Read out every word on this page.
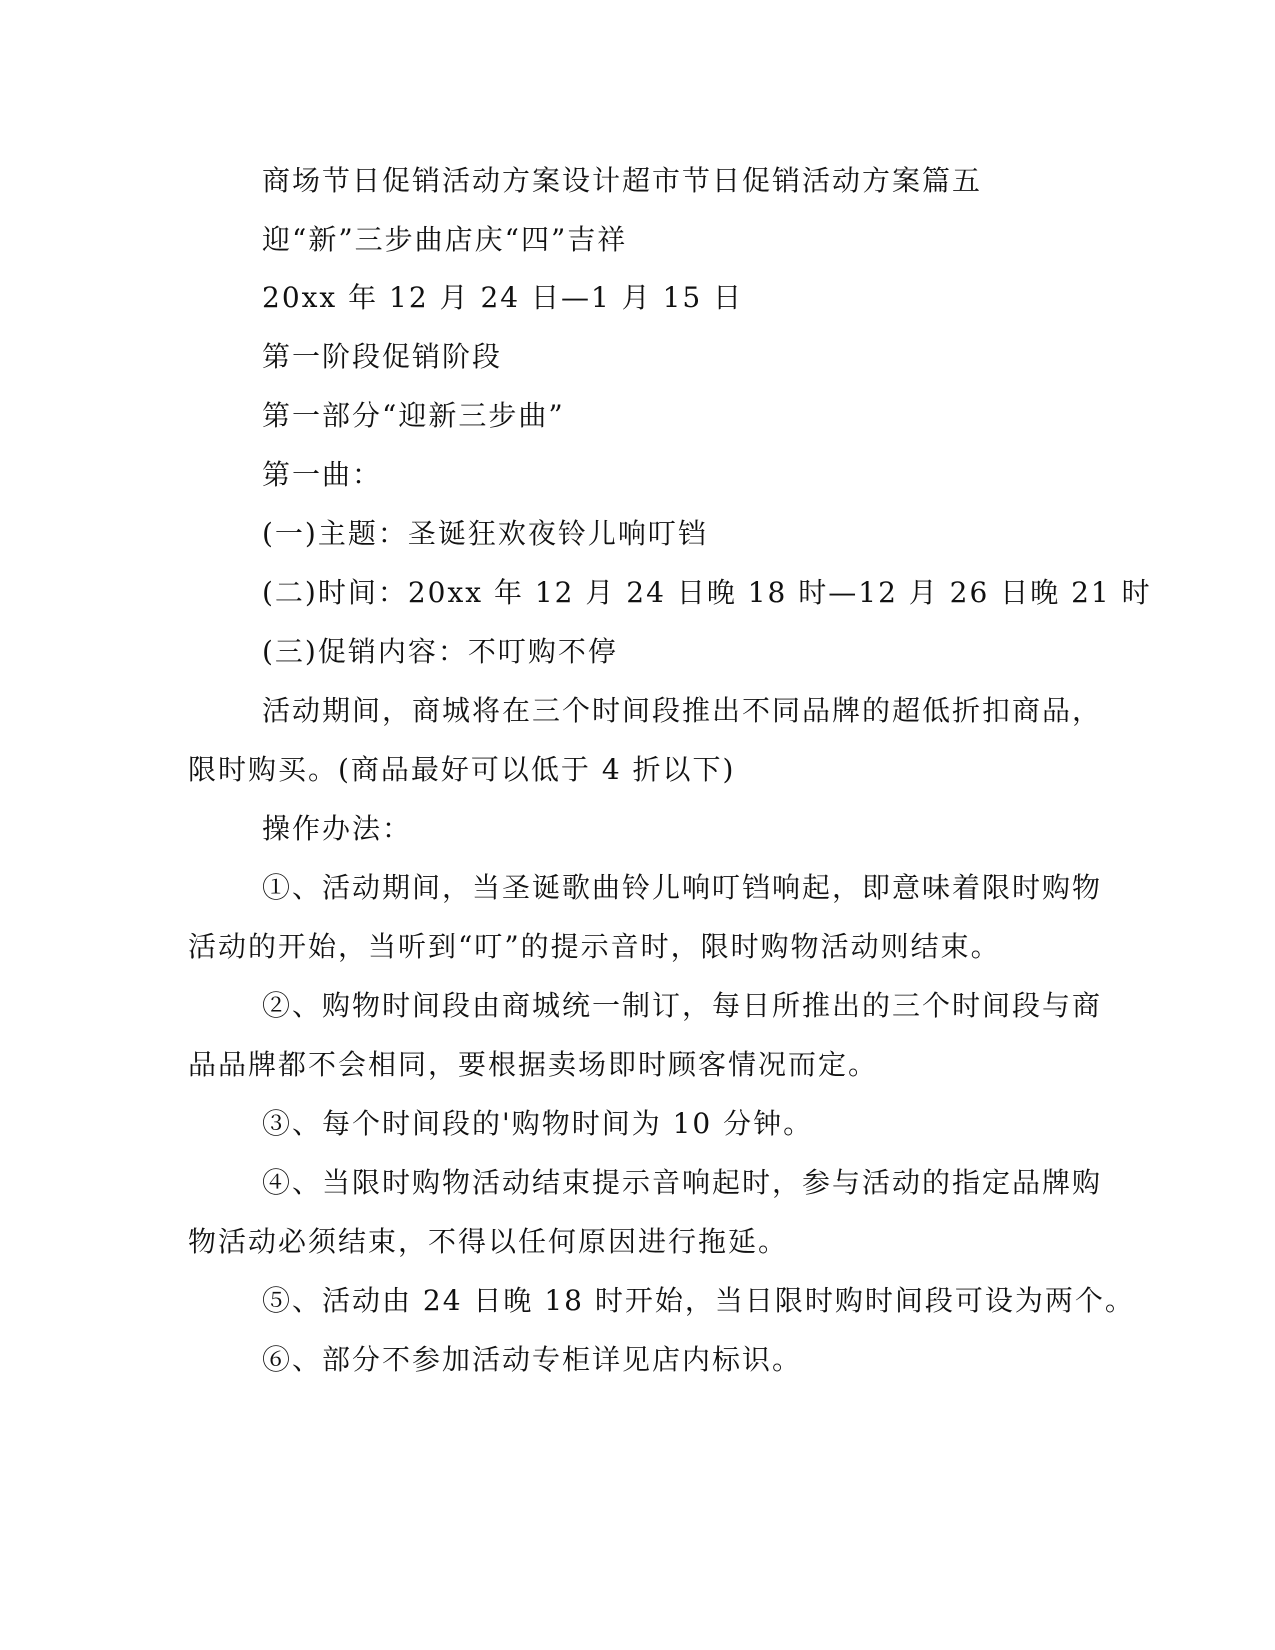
商场节日促销活动方案设计超市节日促销活动方案篇五
迎“新”三步曲店庆“四”吉祥
20xx 年 12 月 24 日—1 月 15 日
第一阶段促销阶段
第一部分“迎新三步曲”
第一曲：
(一)主题：圣诞狂欢夜铃儿响叮铛
(二)时间：20xx 年 12 月 24 日晚 18 时—12 月 26 日晚 21 时
(三)促销内容：不叮购不停
活动期间，商城将在三个时间段推出不同品牌的超低折扣商品，
限时购买。(商品最好可以低于 4 折以下)
操作办法：
①、活动期间，当圣诞歌曲铃儿响叮铛响起，即意味着限时购物
活动的开始，当听到“叮”的提示音时，限时购物活动则结束。
②、购物时间段由商城统一制订，每日所推出的三个时间段与商
品品牌都不会相同，要根据卖场即时顾客情况而定。
③、每个时间段的'购物时间为 10 分钟。
④、当限时购物活动结束提示音响起时，参与活动的指定品牌购
物活动必须结束，不得以任何原因进行拖延。
⑤、活动由 24 日晚 18 时开始，当日限时购时间段可设为两个。
⑥、部分不参加活动专柜详见店内标识。
